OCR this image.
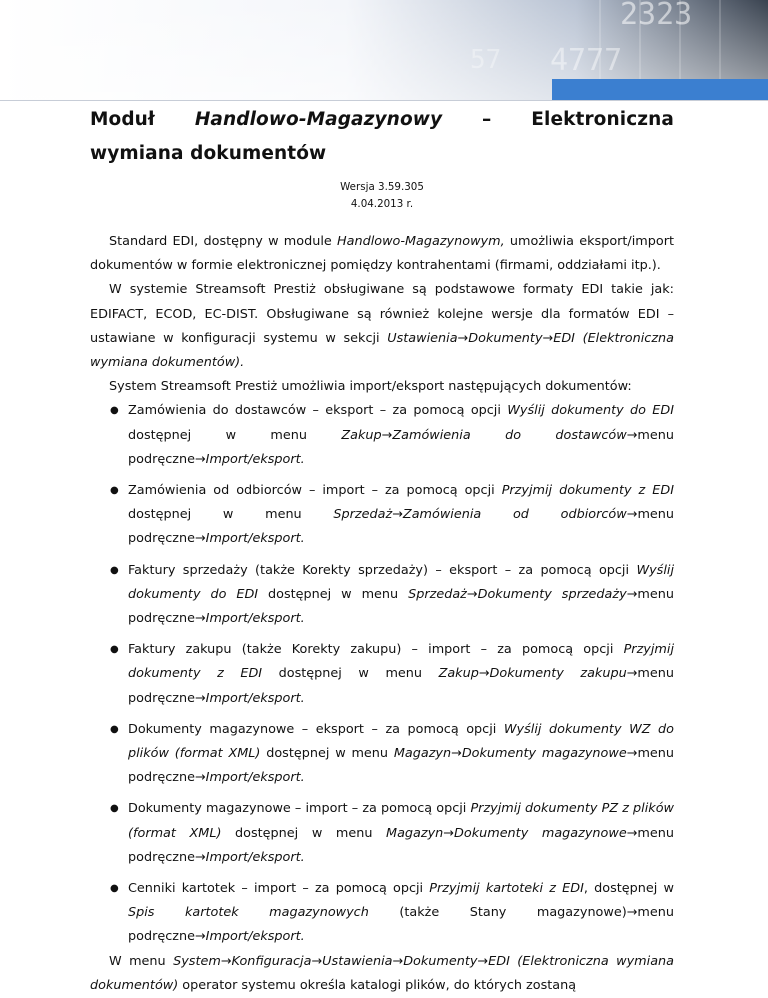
2323
4777
57
Moduł Handlowo-Magazynowy – Elektroniczna wymiana dokumentów
Wersja 3.59.305
4.04.2013 r.

Standard EDI, dostępny w module Handlowo-Magazynowym, umożliwia eksport/import dokumentów w formie elektronicznej pomiędzy kontrahentami (firmami, oddziałami itp.).

W systemie Streamsoft Prestiż obsługiwane są podstawowe formaty EDI takie jak: EDIFACT, ECOD, EC-DIST. Obsługiwane są również kolejne wersje dla formatów EDI – ustawiane w konfiguracji systemu w sekcji Ustawienia→Dokumenty→EDI (Elektroniczna wymiana dokumentów).

System Streamsoft Prestiż umożliwia import/eksport następujących dokumentów:

● Zamówienia do dostawców – eksport – za pomocą opcji Wyślij dokumenty do EDI dostępnej w menu Zakup→Zamówienia do dostawców→menu podręczne→Import/eksport.
● Zamówienia od odbiorców – import – za pomocą opcji Przyjmij dokumenty z EDI dostępnej w menu Sprzedaż→Zamówienia od odbiorców→menu podręczne→Import/eksport.
● Faktury sprzedaży (także Korekty sprzedaży) – eksport – za pomocą opcji Wyślij dokumenty do EDI dostępnej w menu Sprzedaż→Dokumenty sprzedaży→menu podręczne→Import/eksport.
● Faktury zakupu (także Korekty zakupu) – import – za pomocą opcji Przyjmij dokumenty z EDI dostępnej w menu Zakup→Dokumenty zakupu→menu podręczne→Import/eksport.
● Dokumenty magazynowe – eksport – za pomocą opcji Wyślij dokumenty WZ do plików (format XML) dostępnej w menu Magazyn→Dokumenty magazynowe→menu podręczne→Import/eksport.
● Dokumenty magazynowe – import – za pomocą opcji Przyjmij dokumenty PZ z plików (format XML) dostępnej w menu Magazyn→Dokumenty magazynowe→menu podręczne→Import/eksport.
● Cenniki kartotek – import – za pomocą opcji Przyjmij kartoteki z EDI, dostępnej w Spis kartotek magazynowych (także Stany magazynowe)→menu podręczne→Import/eksport.

W menu System→Konfiguracja→Ustawienia→Dokumenty→EDI (Elektroniczna wymiana dokumentów) operator systemu określa katalogi plików, do których zostaną
